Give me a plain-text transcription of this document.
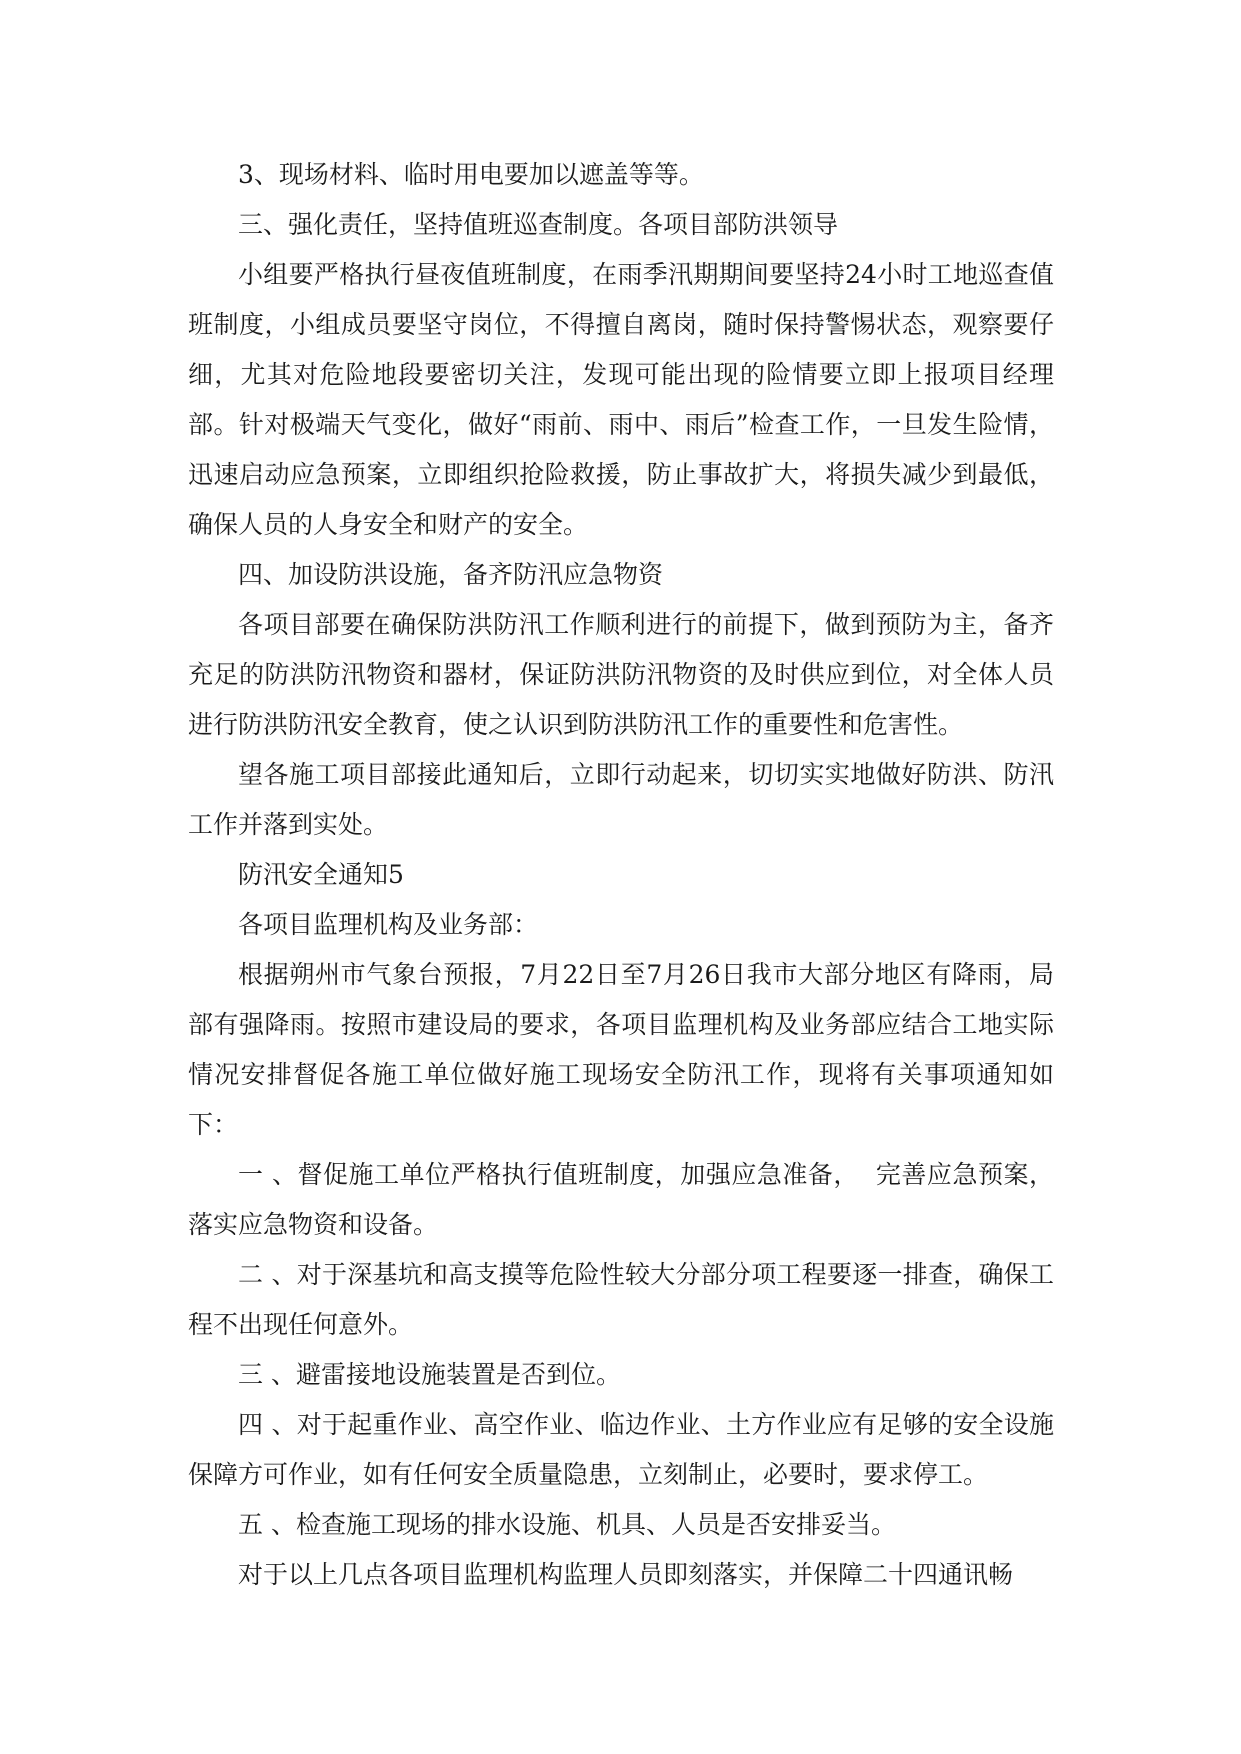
3、现场材料、临时用电要加以遮盖等等。

三、强化责任，坚持值班巡查制度。各项目部防洪领导

小组要严格执行昼夜值班制度，在雨季汛期期间要坚持24小时工地巡查值班制度，小组成员要坚守岗位，不得擅自离岗，随时保持警惕状态，观察要仔细，尤其对危险地段要密切关注，发现可能出现的险情要立即上报项目经理部。针对极端天气变化，做好“雨前、雨中、雨后”检查工作，一旦发生险情，迅速启动应急预案，立即组织抢险救援，防止事故扩大，将损失减少到最低，确保人员的人身安全和财产的安全。

四、加设防洪设施，备齐防汛应急物资

各项目部要在确保防洪防汛工作顺利进行的前提下，做到预防为主，备齐充足的防洪防汛物资和器材，保证防洪防汛物资的及时供应到位，对全体人员进行防洪防汛安全教育，使之认识到防洪防汛工作的重要性和危害性。

望各施工项目部接此通知后，立即行动起来，切切实实地做好防洪、防汛工作并落到实处。

防汛安全通知5

各项目监理机构及业务部：

根据朔州市气象台预报，7月22日至7月26日我市大部分地区有降雨，局部有强降雨。按照市建设局的要求，各项目监理机构及业务部应结合工地实际情况安排督促各施工单位做好施工现场安全防汛工作，现将有关事项通知如下：

一 、督促施工单位严格执行值班制度，加强应急准备，  完善应急预案，落实应急物资和设备。

二 、对于深基坑和高支摸等危险性较大分部分项工程要逐一排查，确保工程不出现任何意外。

三 、避雷接地设施装置是否到位。

四 、对于起重作业、高空作业、临边作业、土方作业应有足够的安全设施保障方可作业，如有任何安全质量隐患，立刻制止，必要时，要求停工。

五 、检查施工现场的排水设施、机具、人员是否安排妥当。

对于以上几点各项目监理机构监理人员即刻落实，并保障二十四通讯畅
